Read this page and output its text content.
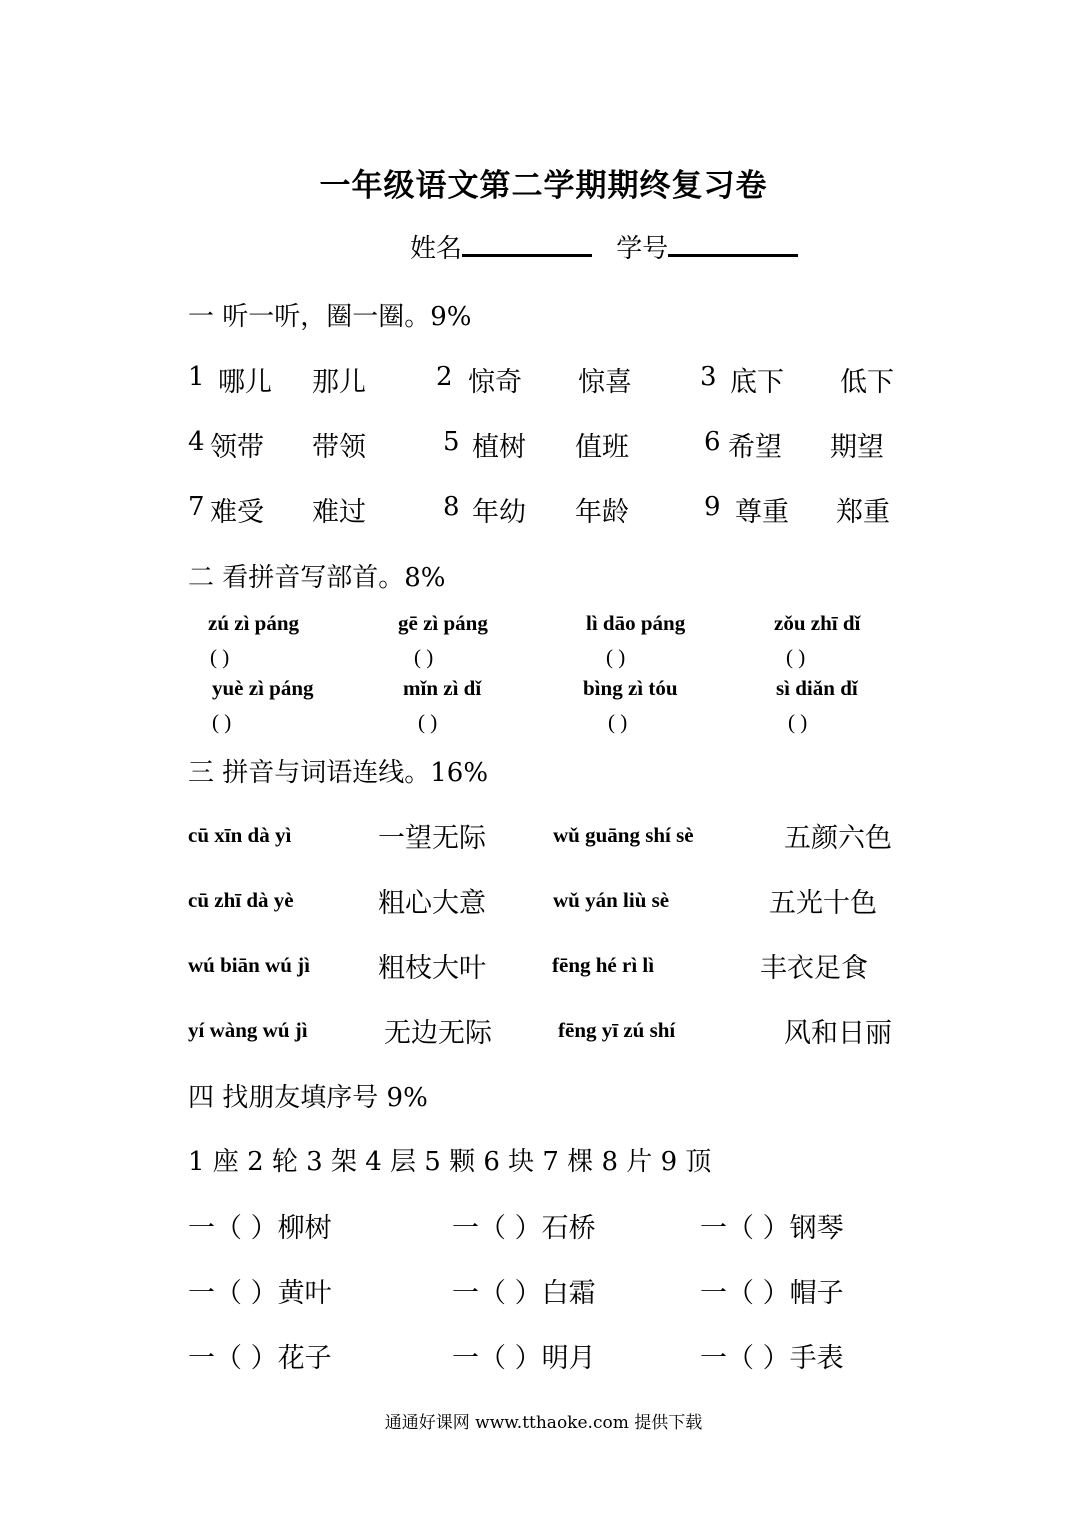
一年级语文第二学期期终复习卷
姓名	学号
一 听一听，圈一圈。9%
1 哪儿 那儿	2 惊奇 惊喜	3 底下 低下
4 领带 带领	5 植树 值班	6 希望 期望
7 难受 难过	8 年幼 年龄	9 尊重 郑重
二 看拼音写部首。8%
zú zì páng	gē zì páng	lì dāo páng	zǒu zhī dǐ
( )	( )	( )	( )
yuè zì páng	mǐn zì dǐ	bìng zì tóu	sì diǎn dǐ
( )	( )	( )	( )
三 拼音与词语连线。16%
cū xīn dà yì	一望无际	wǔ guāng shí sè	五颜六色
cū zhī dà yè	粗心大意	wǔ yán liù sè	五光十色
wú biān wú jì	粗枝大叶	fēng hé rì lì	丰衣足食
yí wàng wú jì	无边无际	fēng yī zú shí	风和日丽
四 找朋友填序号 9%
1 座 2 轮 3 架 4 层 5 颗 6 块 7 棵 8 片 9 顶
一（ ）柳树	一（ ）石桥	一（ ）钢琴
一（ ）黄叶	一（ ）白霜	一（ ）帽子
一（ ）花子	一（ ）明月	一（ ）手表
通通好课网 www.tthaoke.com 提供下载
